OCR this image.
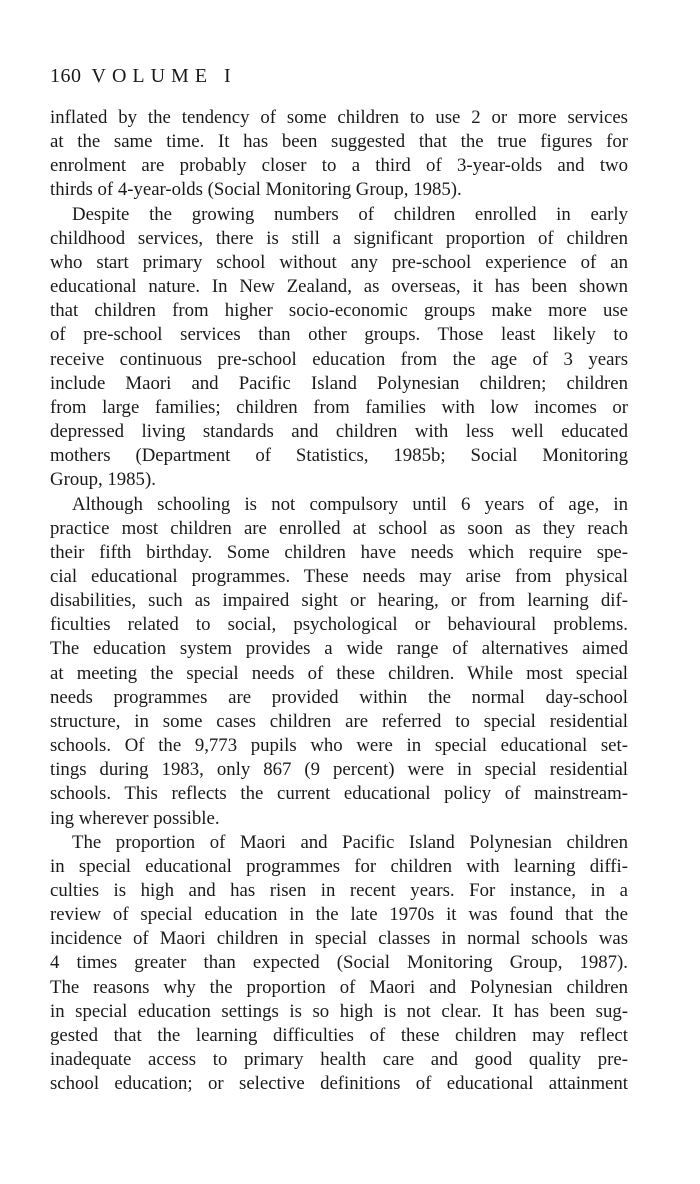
160 VOLUME I
inflated by the tendency of some children to use 2 or more services
at the same time. It has been suggested that the true figures for
enrolment are probably closer to a third of 3-year-olds and two
thirds of 4-year-olds (Social Monitoring Group, 1985).
Despite the growing numbers of children enrolled in early
childhood services, there is still a significant proportion of children
who start primary school without any pre-school experience of an
educational nature. In New Zealand, as overseas, it has been shown
that children from higher socio-economic groups make more use
of pre-school services than other groups. Those least likely to
receive continuous pre-school education from the age of 3 years
include Maori and Pacific Island Polynesian children; children
from large families; children from families with low incomes or
depressed living standards and children with less well educated
mothers (Department of Statistics, 1985b; Social Monitoring
Group, 1985).
Although schooling is not compulsory until 6 years of age, in
practice most children are enrolled at school as soon as they reach
their fifth birthday. Some children have needs which require spe-
cial educational programmes. These needs may arise from physical
disabilities, such as impaired sight or hearing, or from learning dif-
ficulties related to social, psychological or behavioural problems.
The education system provides a wide range of alternatives aimed
at meeting the special needs of these children. While most special
needs programmes are provided within the normal day-school
structure, in some cases children are referred to special residential
schools. Of the 9,773 pupils who were in special educational set-
tings during 1983, only 867 (9 percent) were in special residential
schools. This reflects the current educational policy of mainstream-
ing wherever possible.
The proportion of Maori and Pacific Island Polynesian children
in special educational programmes for children with learning diffi-
culties is high and has risen in recent years. For instance, in a
review of special education in the late 1970s it was found that the
incidence of Maori children in special classes in normal schools was
4 times greater than expected (Social Monitoring Group, 1987).
The reasons why the proportion of Maori and Polynesian children
in special education settings is so high is not clear. It has been sug-
gested that the learning difficulties of these children may reflect
inadequate access to primary health care and good quality pre-
school education; or selective definitions of educational attainment
